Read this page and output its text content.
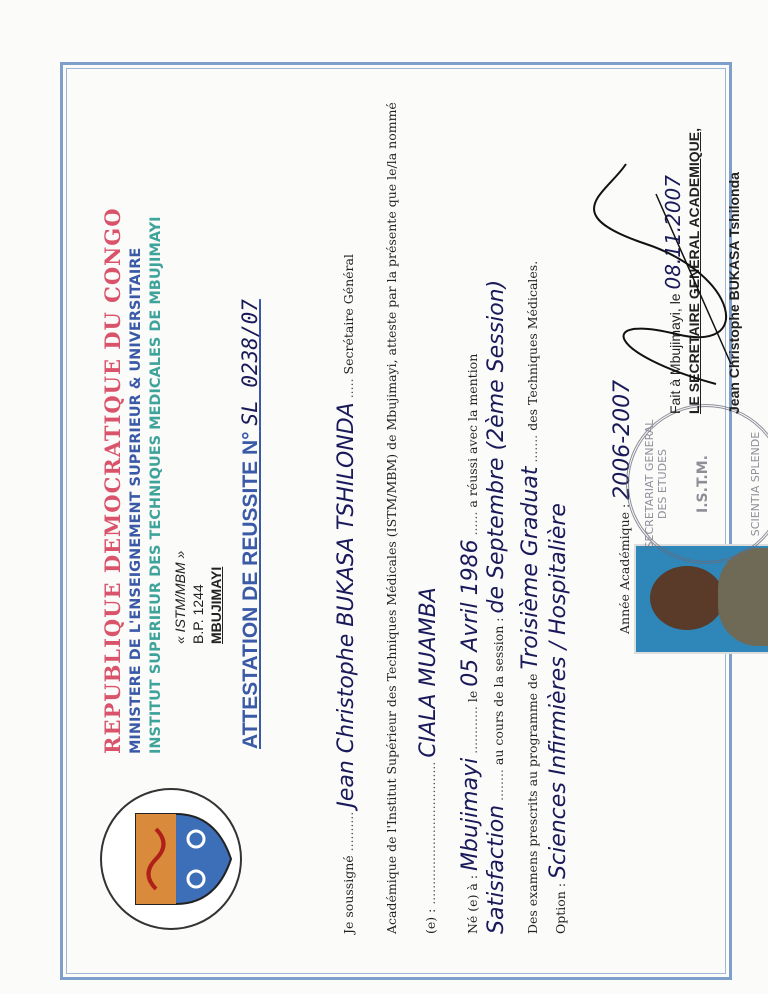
REPUBLIQUE DEMOCRATIQUE DU CONGO MINISTERE DE L'ENSEIGNEMENT SUPERIEUR & UNIVERSITAIRE INSTITUT SUPERIEUR DES TECHNIQUES MEDICALES DE MBUJIMAYI « ISTM/MBM » B.P. 1244 MBUJIMAYI ATTESTATION DE REUSSITE N° SL 0238/07
Je soussigné .......... Jean Christophe BUKASA TSHILONDA ..... Secrétaire Général Académique de l'Institut Supérieur des Techniques Médicales (ISTM/MBM) de Mbujimayi, atteste par la présente que le/la nommé	(e) : .................................... CIALA MUAMBA
Né (e) à : Mbujimayi ............ le 05 Avril 1986 ...... a réussi avec la mention
Satisfaction ........ au cours de la session : de Septembre (2ème Session)
Des examens prescrits au programme de Troisième Graduat ....... des Techniques Médicales.
Option : Sciences Infirmières / Hospitalière	Année Académique : 2006-2007 SECRETARIAT GENERAL DES ETUDES I.S.T.M.	SCIENTIA SPLENDE
Fait à Mbujimayi, le 08.11.2007 LE SECRETAIRE GENERAL ACADEMIQUE, Jean Christophe BUKASA Tshilonda
